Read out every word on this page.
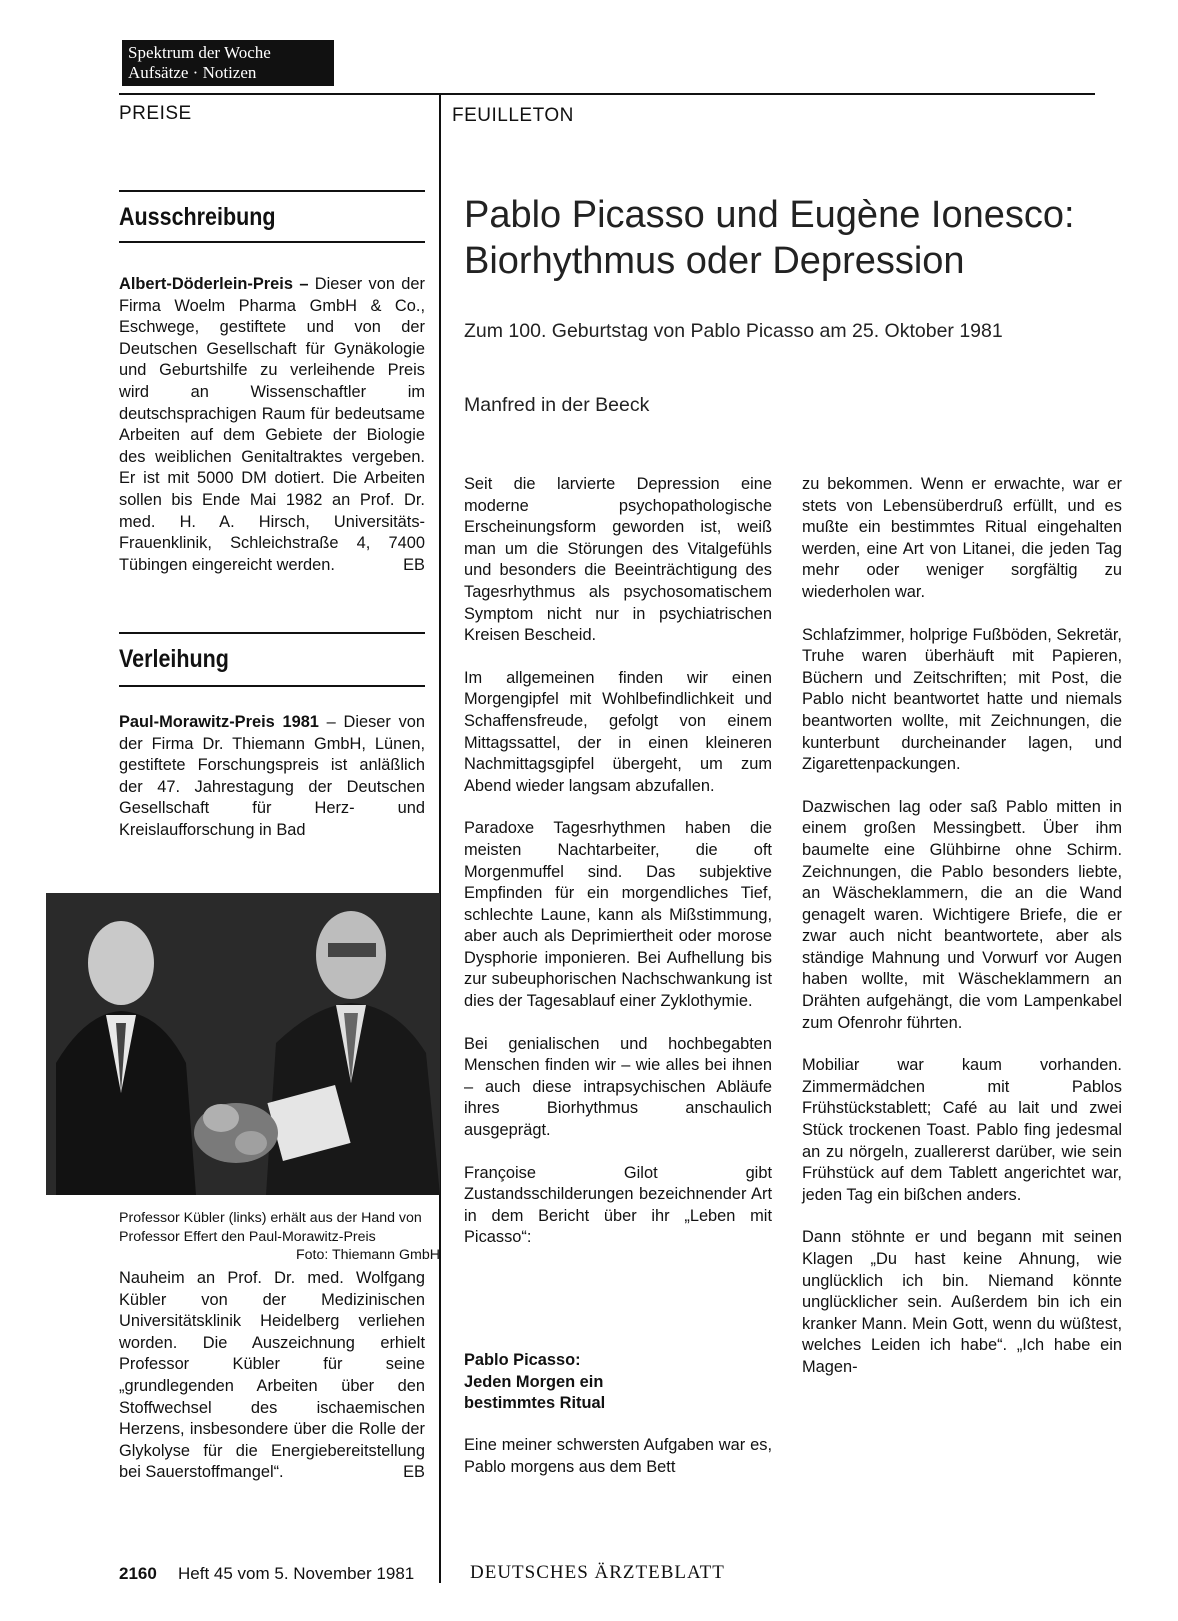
Spektrum der Woche
Aufsätze · Notizen
PREISE	FEUILLETON
Ausschreibung

Albert-Döderlein-Preis – Dieser von der Firma Woelm Pharma GmbH & Co., Eschwege, gestiftete und von der Deutschen Gesellschaft für Gynäkologie und Geburtshilfe zu verleihende Preis wird an Wissenschaftler im deutschsprachigen Raum für bedeutsame Arbeiten auf dem Gebiete der Biologie des weiblichen Genitaltraktes vergeben. Er ist mit 5000 DM dotiert. Die Arbeiten sollen bis Ende Mai 1982 an Prof. Dr. med. H. A. Hirsch, Universitäts-Frauenklinik, Schleichstraße 4, 7400 Tübingen eingereicht werden.	EB

Verleihung

Paul-Morawitz-Preis 1981 – Dieser von der Firma Dr. Thiemann GmbH, Lünen, gestiftete Forschungspreis ist anläßlich der 47. Jahrestagung der Deutschen Gesellschaft für Herz- und Kreislaufforschung in Bad

Professor Kübler (links) erhält aus der Hand von Professor Effert den Paul-Morawitz-Preis
Foto: Thiemann GmbH

Nauheim an Prof. Dr. med. Wolfgang Kübler von der Medizinischen Universitätsklinik Heidelberg verliehen worden. Die Auszeichnung erhielt Professor Kübler für seine „grundlegenden Arbeiten über den Stoffwechsel des ischaemischen Herzens, insbesondere über die Rolle der Glykolyse für die Energiebereitstellung bei Sauerstoffmangel“.	EB

Pablo Picasso und Eugène Ionesco:
Biorhythmus oder Depression
Zum 100. Geburtstag von Pablo Picasso am 25. Oktober 1981
Manfred in der Beeck

Seit die larvierte Depression eine moderne psychopathologische Erscheinungsform geworden ist, weiß man um die Störungen des Vitalgefühls und besonders die Beeinträchtigung des Tagesrhythmus als psychosomatischem Symptom nicht nur in psychiatrischen Kreisen Bescheid.

Im allgemeinen finden wir einen Morgengipfel mit Wohlbefindlichkeit und Schaffensfreude, gefolgt von einem Mittagssattel, der in einen kleineren Nachmittagsgipfel übergeht, um zum Abend wieder langsam abzufallen.

Paradoxe Tagesrhythmen haben die meisten Nachtarbeiter, die oft Morgenmuffel sind. Das subjektive Empfinden für ein morgendliches Tief, schlechte Laune, kann als Mißstimmung, aber auch als Deprimiertheit oder morose Dysphorie imponieren. Bei Aufhellung bis zur subeuphorischen Nachschwankung ist dies der Tagesablauf einer Zyklothymie.

Bei genialischen und hochbegabten Menschen finden wir – wie alles bei ihnen – auch diese intrapsychischen Abläufe ihres Biorhythmus anschaulich ausgeprägt.

Françoise Gilot gibt Zustandsschilderungen bezeichnender Art in dem Bericht über ihr „Leben mit Picasso“:

Pablo Picasso:
Jeden Morgen ein
bestimmtes Ritual

Eine meiner schwersten Aufgaben war es, Pablo morgens aus dem Bett

zu bekommen. Wenn er erwachte, war er stets von Lebensüberdruß erfüllt, und es mußte ein bestimmtes Ritual eingehalten werden, eine Art von Litanei, die jeden Tag mehr oder weniger sorgfältig zu wiederholen war.

Schlafzimmer, holprige Fußböden, Sekretär, Truhe waren überhäuft mit Papieren, Büchern und Zeitschriften; mit Post, die Pablo nicht beantwortet hatte und niemals beantworten wollte, mit Zeichnungen, die kunterbunt durcheinander lagen, und Zigarettenpackungen.

Dazwischen lag oder saß Pablo mitten in einem großen Messingbett. Über ihm baumelte eine Glühbirne ohne Schirm. Zeichnungen, die Pablo besonders liebte, an Wäscheklammern, die an die Wand genagelt waren. Wichtigere Briefe, die er zwar auch nicht beantwortete, aber als ständige Mahnung und Vorwurf vor Augen haben wollte, mit Wäscheklammern an Drähten aufgehängt, die vom Lampenkabel zum Ofenrohr führten.

Mobiliar war kaum vorhanden. Zimmermädchen mit Pablos Frühstückstablett; Café au lait und zwei Stück trockenen Toast. Pablo fing jedesmal an zu nörgeln, zuallererst darüber, wie sein Frühstück auf dem Tablett angerichtet war, jeden Tag ein bißchen anders.

Dann stöhnte er und begann mit seinen Klagen „Du hast keine Ahnung, wie unglücklich ich bin. Niemand könnte unglücklicher sein. Außerdem bin ich ein kranker Mann. Mein Gott, wenn du wüßtest, welches Leiden ich habe“. „Ich habe ein Magen-

2160 Heft 45 vom 5. November 1981	DEUTSCHES ÄRZTEBLATT
